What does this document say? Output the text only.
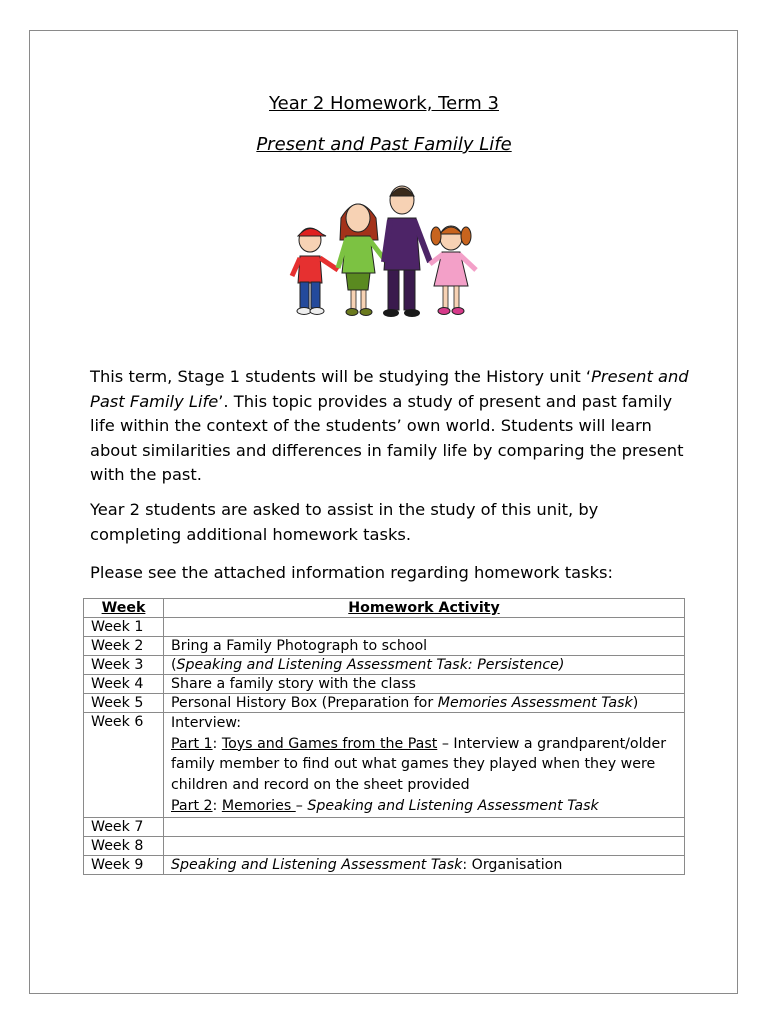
Year 2 Homework, Term 3
Present and Past Family Life
This term, Stage 1 students will be studying the History unit ‘Present and Past Family Life’. This topic provides a study of present and past family life within the context of the students’ own world. Students will learn about similarities and differences in family life by comparing the present with the past.
Year 2 students are asked to assist in the study of this unit, by completing additional homework tasks.
Please see the attached information regarding homework tasks:
Week	Homework Activity
Week 1	
Week 2	Bring a Family Photograph to school
Week 3	(Speaking and Listening Assessment Task: Persistence)
Week 4	Share a family story with the class
Week 5	Personal History Box (Preparation for Memories Assessment Task)
Week 6	Interview:
Part 1: Toys and Games from the Past – Interview a grandparent/older family member to find out what games they played when they were children and record on the sheet provided
Part 2: Memories – Speaking and Listening Assessment Task

Week 7	
Week 8	
Week 9	Speaking and Listening Assessment Task: Organisation
